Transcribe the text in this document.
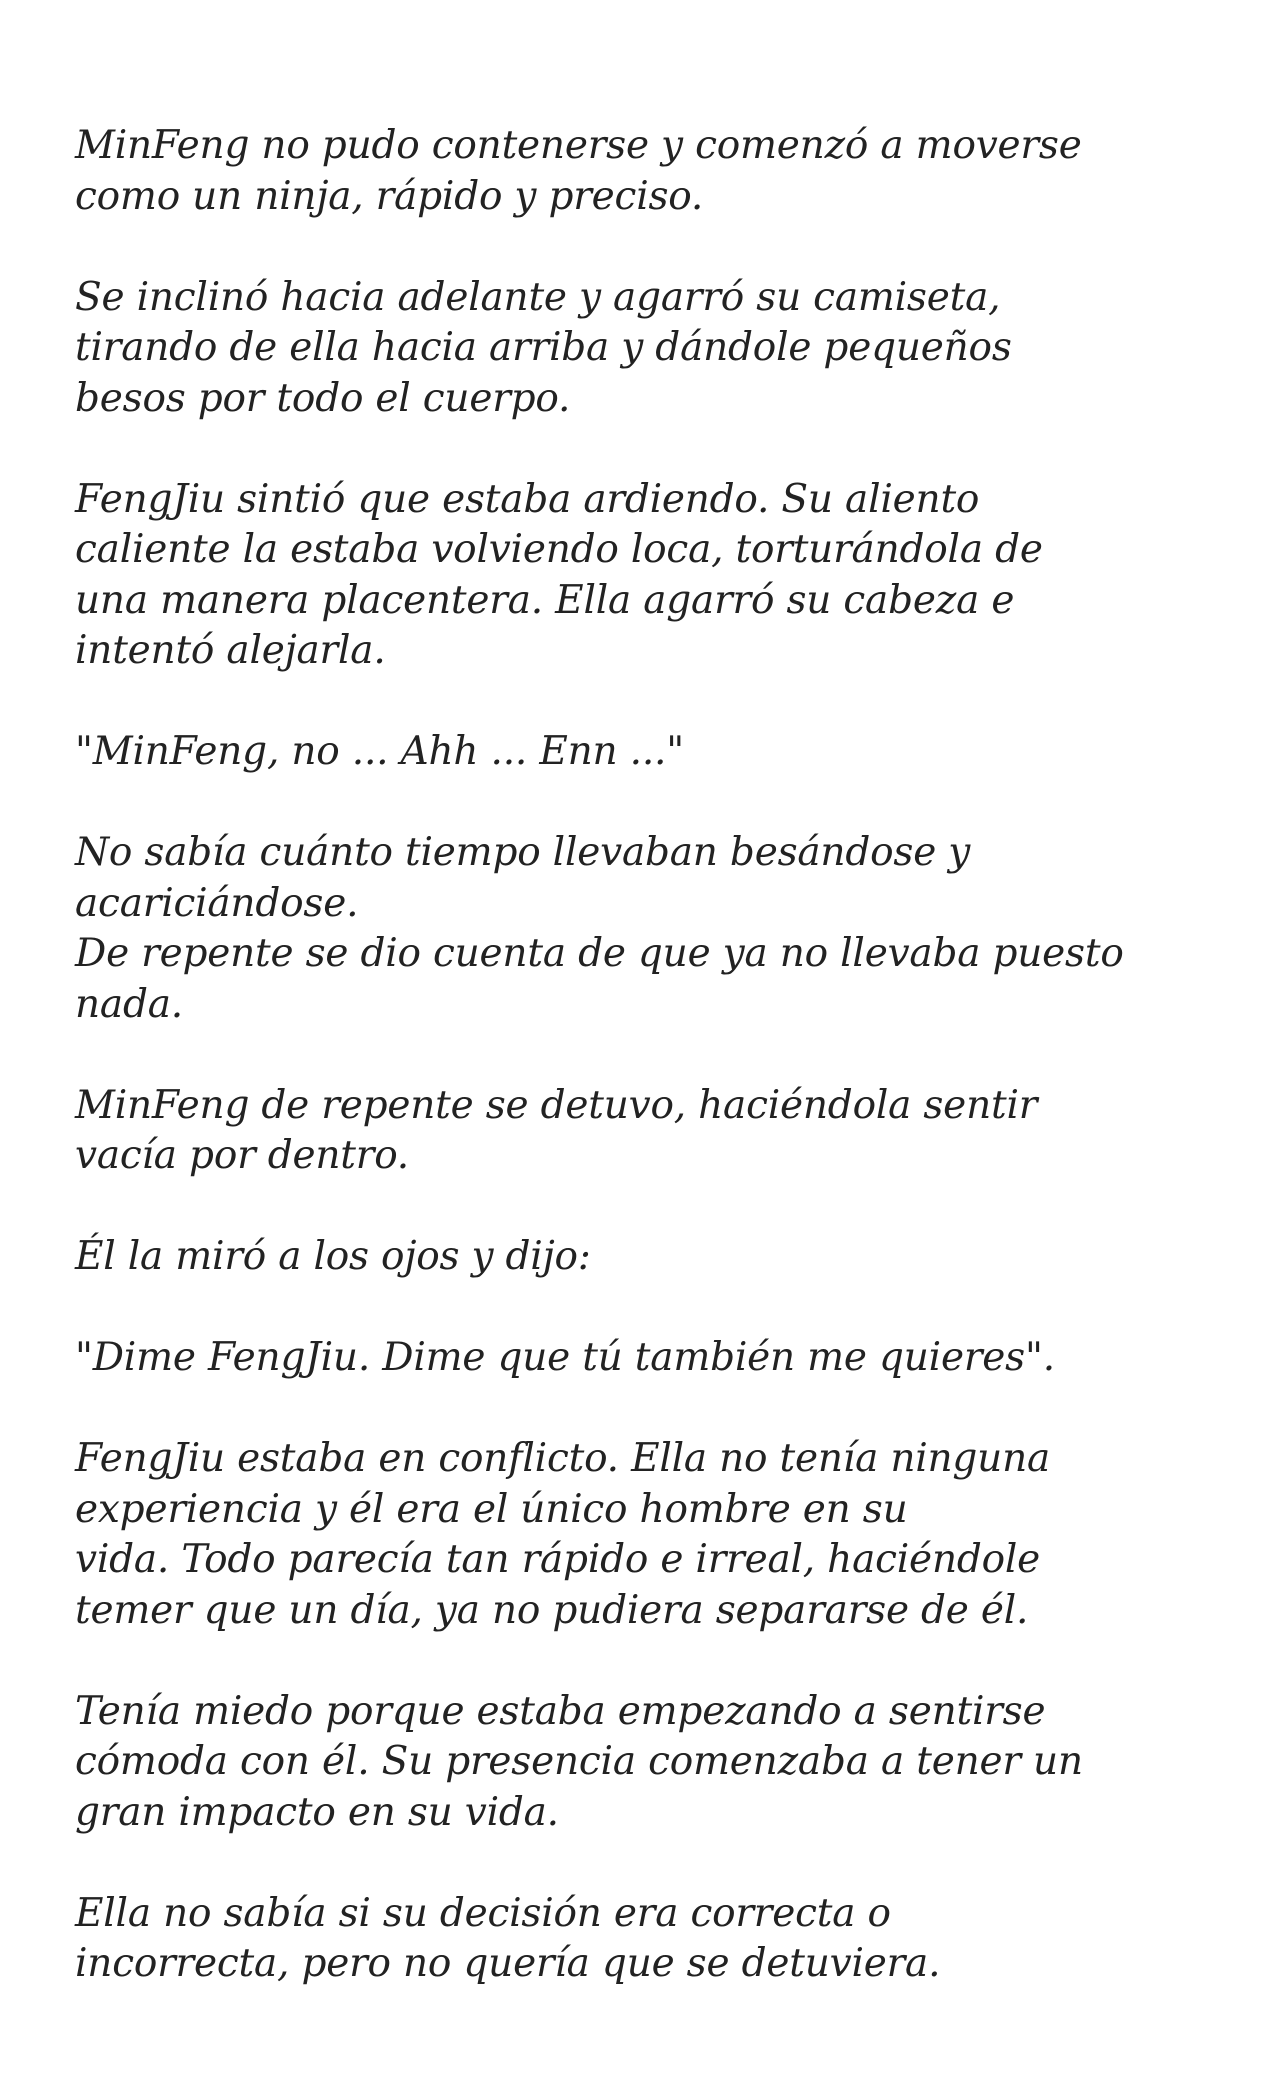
MinFeng no pudo contenerse y comenzó a moverse
como un ninja, rápido y preciso.
Se inclinó hacia adelante y agarró su camiseta,
tirando de ella hacia arriba y dándole pequeños
besos por todo el cuerpo.
FengJiu sintió que estaba ardiendo. Su aliento
caliente la estaba volviendo loca, torturándola de
una manera placentera. Ella agarró su cabeza e
intentó alejarla.
"MinFeng, no ... Ahh ... Enn ..."
No sabía cuánto tiempo llevaban besándose y
acariciándose.
De repente se dio cuenta de que ya no llevaba puesto
nada.
MinFeng de repente se detuvo, haciéndola sentir
vacía por dentro.
Él la miró a los ojos y dijo:
"Dime FengJiu. Dime que tú también me quieres".
FengJiu estaba en conflicto. Ella no tenía ninguna
experiencia y él era el único hombre en su
vida. Todo parecía tan rápido e irreal, haciéndole
temer que un día, ya no pudiera separarse de él.
Tenía miedo porque estaba empezando a sentirse
cómoda con él. Su presencia comenzaba a tener un
gran impacto en su vida.
Ella no sabía si su decisión era correcta o
incorrecta, pero no quería que se detuviera.
